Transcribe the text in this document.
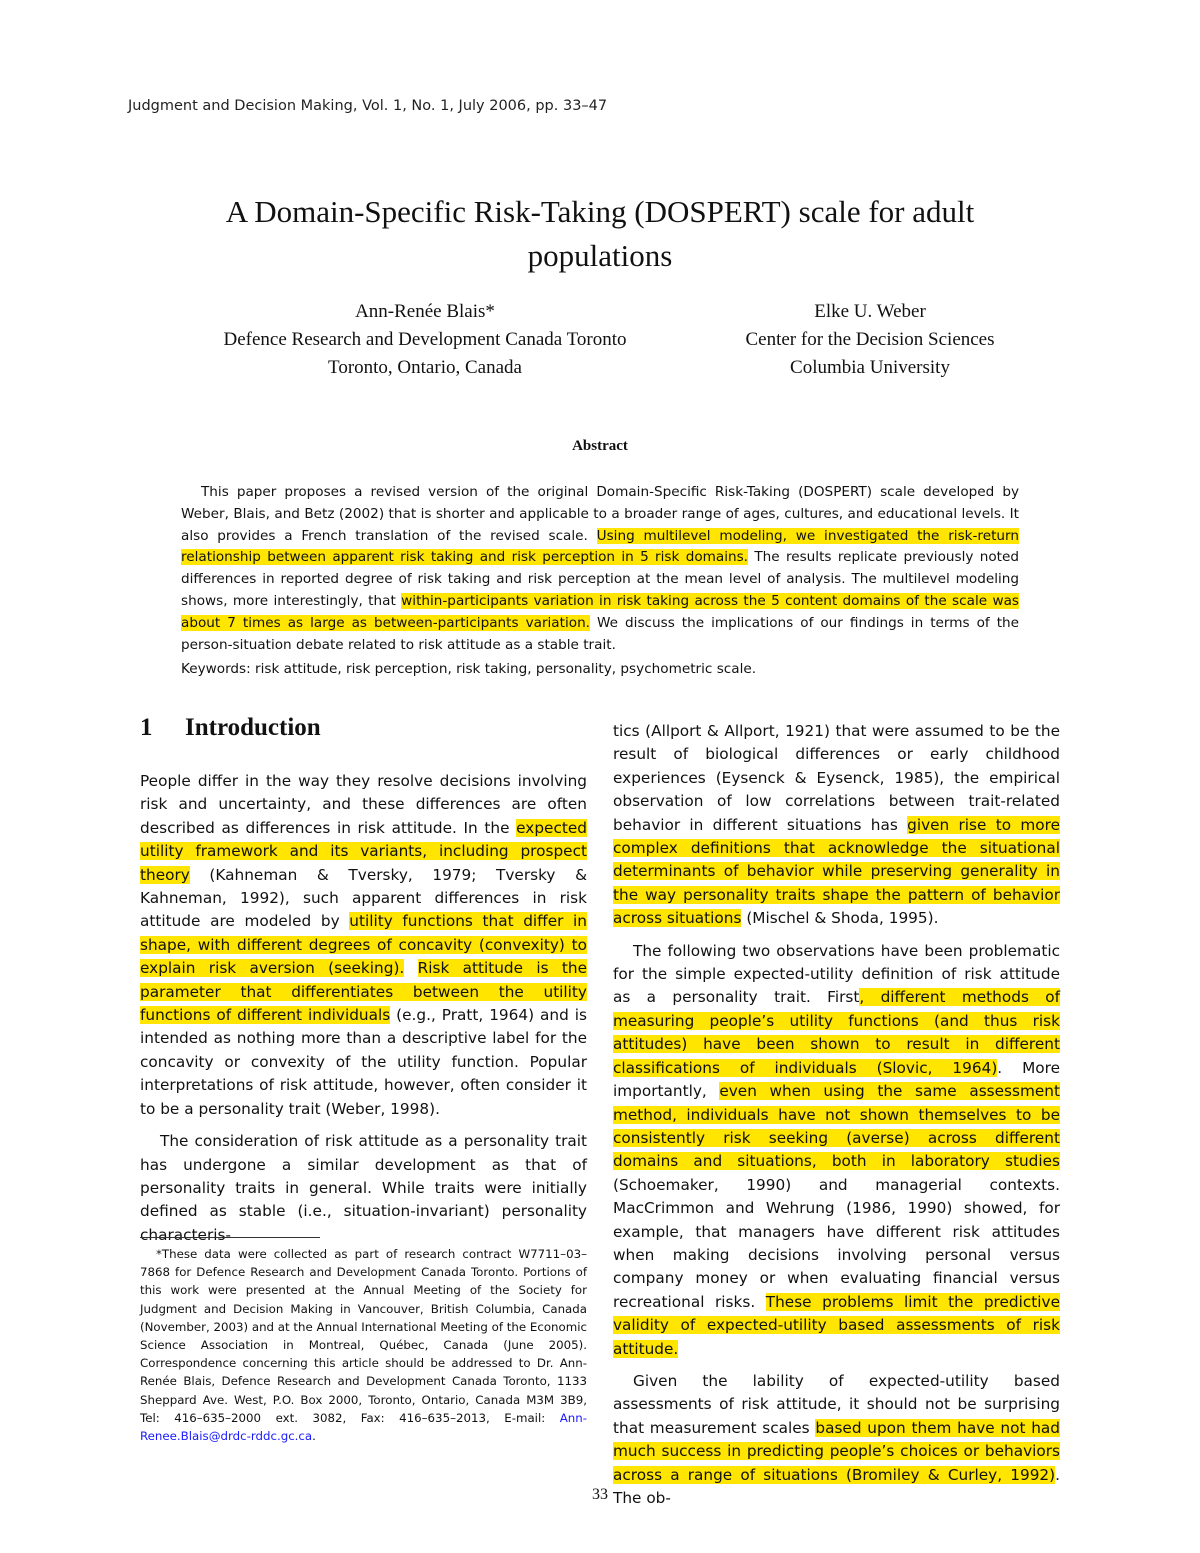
Judgment and Decision Making, Vol. 1, No. 1, July 2006, pp. 33–47
A Domain-Specific Risk-Taking (DOSPERT) scale for adult
populations
Ann-Renée Blais*
Defence Research and Development Canada Toronto
Toronto, Ontario, Canada
Elke U. Weber
Center for the Decision Sciences
Columbia University
Abstract

This paper proposes a revised version of the original Domain-Specific Risk-Taking (DOSPERT) scale developed by Weber, Blais, and Betz (2002) that is shorter and applicable to a broader range of ages, cultures, and educational levels. It also provides a French translation of the revised scale. Using multilevel modeling, we investigated the risk-return relationship between apparent risk taking and risk perception in 5 risk domains. The results replicate previously noted differences in reported degree of risk taking and risk perception at the mean level of analysis. The multilevel modeling shows, more interestingly, that within-participants variation in risk taking across the 5 content domains of the scale was about 7 times as large as between-participants variation. We discuss the implications of our findings in terms of the person-situation debate related to risk attitude as a stable trait.

Keywords: risk attitude, risk perception, risk taking, personality, psychometric scale.
1 Introduction

People differ in the way they resolve decisions involving risk and uncertainty, and these differences are often described as differences in risk attitude. In the expected utility framework and its variants, including prospect theory (Kahneman & Tversky, 1979; Tversky & Kahneman, 1992), such apparent differences in risk attitude are modeled by utility functions that differ in shape, with different degrees of concavity (convexity) to explain risk aversion (seeking). Risk attitude is the parameter that differentiates between the utility functions of different individuals (e.g., Pratt, 1964) and is intended as nothing more than a descriptive label for the concavity or convexity of the utility function. Popular interpretations of risk attitude, however, often consider it to be a personality trait (Weber, 1998).

The consideration of risk attitude as a personality trait has undergone a similar development as that of personality traits in general. While traits were initially defined as stable (i.e., situation-invariant) personality characteris-

*These data were collected as part of research contract W7711–03–7868 for Defence Research and Development Canada Toronto. Portions of this work were presented at the Annual Meeting of the Society for Judgment and Decision Making in Vancouver, British Columbia, Canada (November, 2003) and at the Annual International Meeting of the Economic Science Association in Montreal, Québec, Canada (June 2005). Correspondence concerning this article should be addressed to Dr. Ann-Renée Blais, Defence Research and Development Canada Toronto, 1133 Sheppard Ave. West, P.O. Box 2000, Toronto, Ontario, Canada M3M 3B9, Tel: 416–635–2000 ext. 3082, Fax: 416–635–2013, E-mail: Ann-Renee.Blais@drdc-rddc.gc.ca.

tics (Allport & Allport, 1921) that were assumed to be the result of biological differences or early childhood experiences (Eysenck & Eysenck, 1985), the empirical observation of low correlations between trait-related behavior in different situations has given rise to more complex definitions that acknowledge the situational determinants of behavior while preserving generality in the way personality traits shape the pattern of behavior across situations (Mischel & Shoda, 1995).

The following two observations have been problematic for the simple expected-utility definition of risk attitude as a personality trait. First, different methods of measuring people’s utility functions (and thus risk attitudes) have been shown to result in different classifications of individuals (Slovic, 1964). More importantly, even when using the same assessment method, individuals have not shown themselves to be consistently risk seeking (averse) across different domains and situations, both in laboratory studies (Schoemaker, 1990) and managerial contexts. MacCrimmon and Wehrung (1986, 1990) showed, for example, that managers have different risk attitudes when making decisions involving personal versus company money or when evaluating financial versus recreational risks. These problems limit the predictive validity of expected-utility based assessments of risk attitude.

Given the lability of expected-utility based assessments of risk attitude, it should not be surprising that measurement scales based upon them have not had much success in predicting people’s choices or behaviors across a range of situations (Bromiley & Curley, 1992). The ob-

33
